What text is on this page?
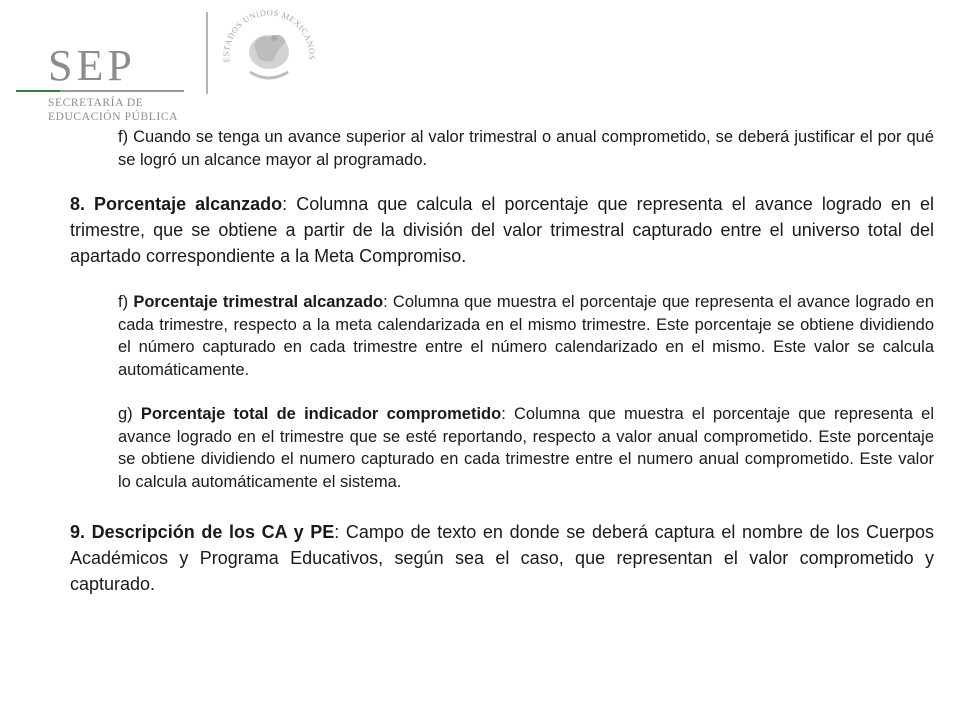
SEP
SECRETARÍA DE
EDUCACIÓN PÚBLICA
ESTADOS UNIDOS MEXICANOS

f) Cuando se tenga un avance superior al valor trimestral o anual comprometido, se deberá justificar el por qué se logró un alcance mayor al programado.

8. Porcentaje alcanzado: Columna que calcula el porcentaje que representa el avance logrado en el trimestre, que se obtiene a partir de la división del valor trimestral capturado entre el universo total del apartado correspondiente a la Meta Compromiso.

f) Porcentaje trimestral alcanzado: Columna que muestra el porcentaje que representa el avance logrado en cada trimestre, respecto a la meta calendarizada en el mismo trimestre. Este porcentaje se obtiene dividiendo el número capturado en cada trimestre entre el número calendarizado en el mismo. Este valor se calcula automáticamente.

g) Porcentaje total de indicador comprometido: Columna que muestra el porcentaje que representa el avance logrado en el trimestre que se esté reportando, respecto a valor anual comprometido. Este porcentaje se obtiene dividiendo el numero capturado en cada trimestre entre el numero anual comprometido. Este valor lo calcula automáticamente el sistema.

9. Descripción de los CA y PE: Campo de texto en donde se deberá captura el nombre de los Cuerpos Académicos y Programa Educativos, según sea el caso, que representan el valor comprometido y capturado.
